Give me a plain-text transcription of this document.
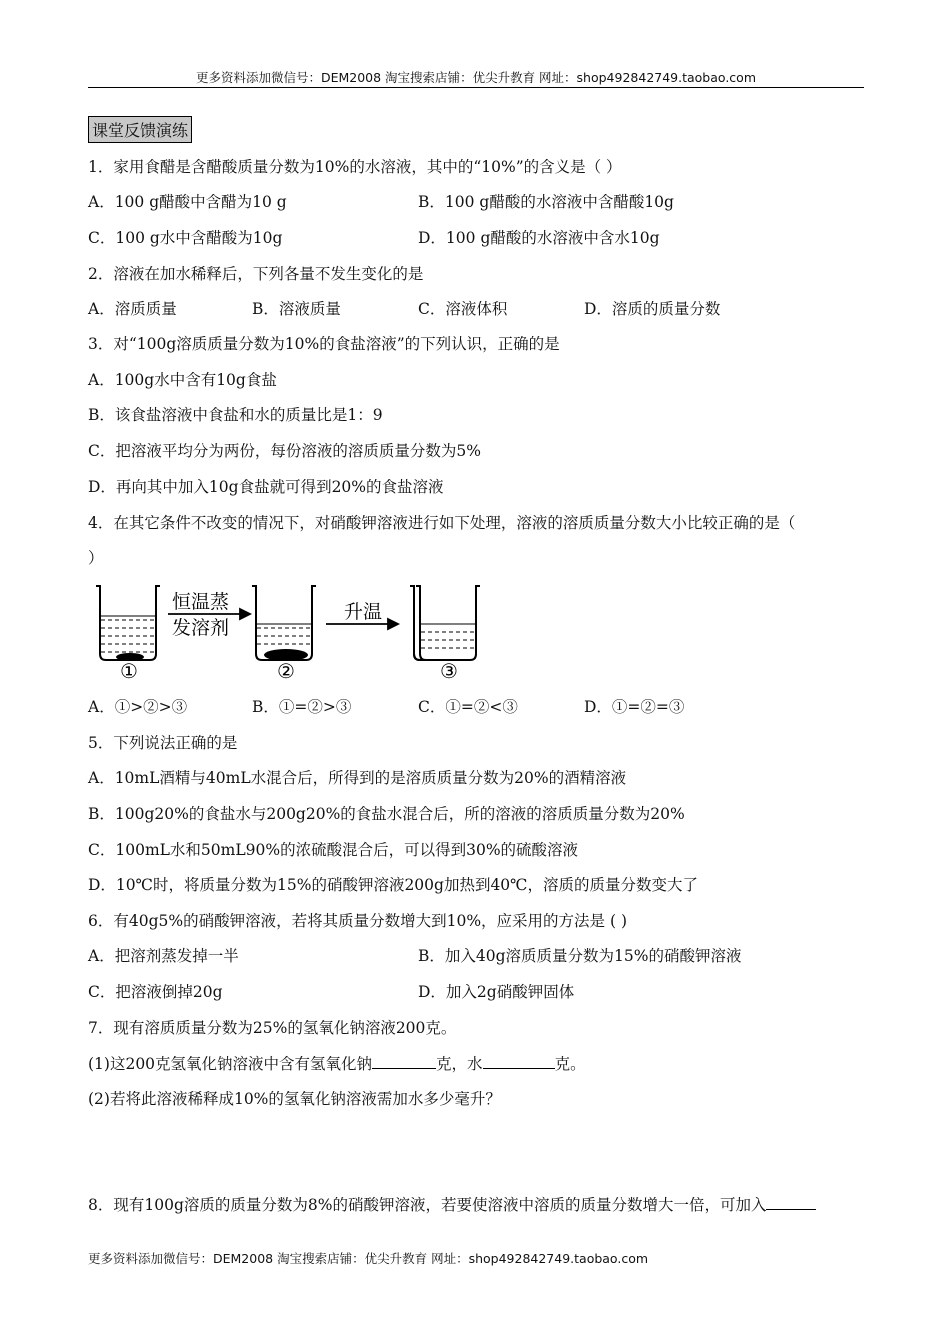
更多资料添加微信号：DEM2008 淘宝搜索店铺：优尖升教育 网址：shop492842749.taobao.com
课堂反馈演练
1．家用食醋是含醋酸质量分数为10%的水溶液，其中的“10%”的含义是（ ）
A．100 g醋酸中含醋为10 g	B．100 g醋酸的水溶液中含醋酸10g
C．100 g水中含醋酸为10g	D．100 g醋酸的水溶液中含水10g
2．溶液在加水稀释后，下列各量不发生变化的是
A．溶质质量	B．溶液质量	C．溶液体积	D．溶质的质量分数
3．对“100g溶质质量分数为10%的食盐溶液”的下列认识，正确的是
A．100g水中含有10g食盐
B．该食盐溶液中食盐和水的质量比是1：9
C．把溶液平均分为两份，每份溶液的溶质质量分数为5%
D．再向其中加入10g食盐就可得到20%的食盐溶液
4．在其它条件不改变的情况下，对硝酸钾溶液进行如下处理，溶液的溶质质量分数大小比较正确的是（
）
恒温蒸
发溶剂
升温
①	②	③
A．①>②>③	B．①=②>③	C．①=②<③	D．①=②=③
5．下列说法正确的是
A．10mL酒精与40mL水混合后，所得到的是溶质质量分数为20%的酒精溶液
B．100g20%的食盐水与200g20%的食盐水混合后，所的溶液的溶质质量分数为20%
C．100mL水和50mL90%的浓硫酸混合后，可以得到30%的硫酸溶液
D．10℃时，将质量分数为15%的硝酸钾溶液200g加热到40℃，溶质的质量分数变大了
6．有40g5%的硝酸钾溶液，若将其质量分数增大到10%，应采用的方法是 ( )
A．把溶剂蒸发掉一半	B．加入40g溶质质量分数为15%的硝酸钾溶液
C．把溶液倒掉20g	D．加入2g硝酸钾固体
7．现有溶质质量分数为25%的氢氧化钠溶液200克。
(1)这200克氢氧化钠溶液中含有氢氧化钠	克，水	克。
(2)若将此溶液稀释成10%的氢氧化钠溶液需加水多少毫升？
8．现有100g溶质的质量分数为8%的硝酸钾溶液，若要使溶液中溶质的质量分数增大一倍，可加入
更多资料添加微信号：DEM2008 淘宝搜索店铺：优尖升教育 网址：shop492842749.taobao.com
